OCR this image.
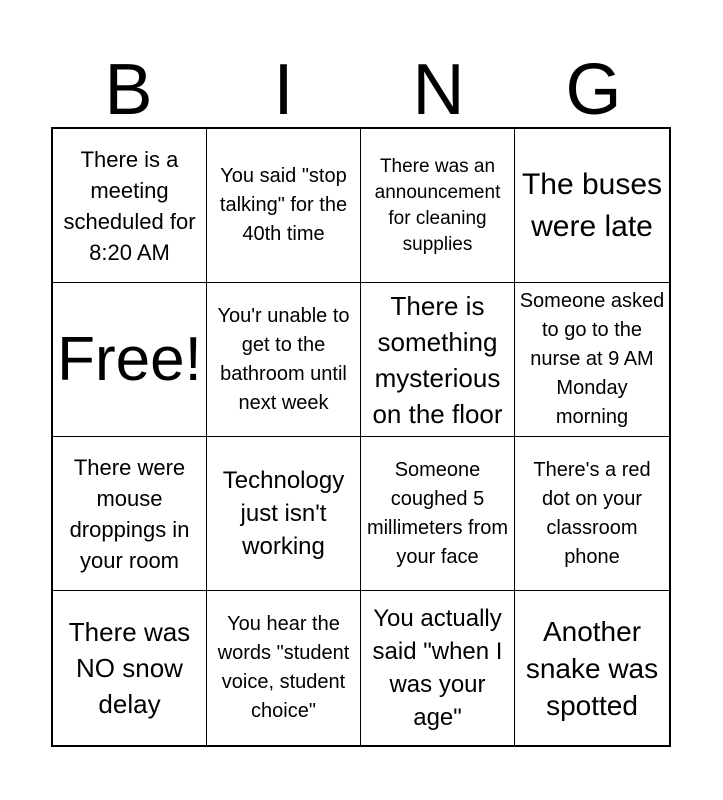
B	I	N	G
There is a meeting scheduled for 8:20 AM
You said "stop talking" for the 40th time
There was an announcement for cleaning supplies
The buses were late
Free!
You'r unable to get to the bathroom until next week
There is something mysterious on the floor
Someone asked to go to the nurse at 9 AM Monday morning
There were mouse droppings in your room
Technology just isn't working
Someone coughed 5 millimeters from your face
There's a red dot on your classroom phone
There was NO snow delay
You hear the words "student voice, student choice"
You actually said "when I was your age"
Another snake was spotted
